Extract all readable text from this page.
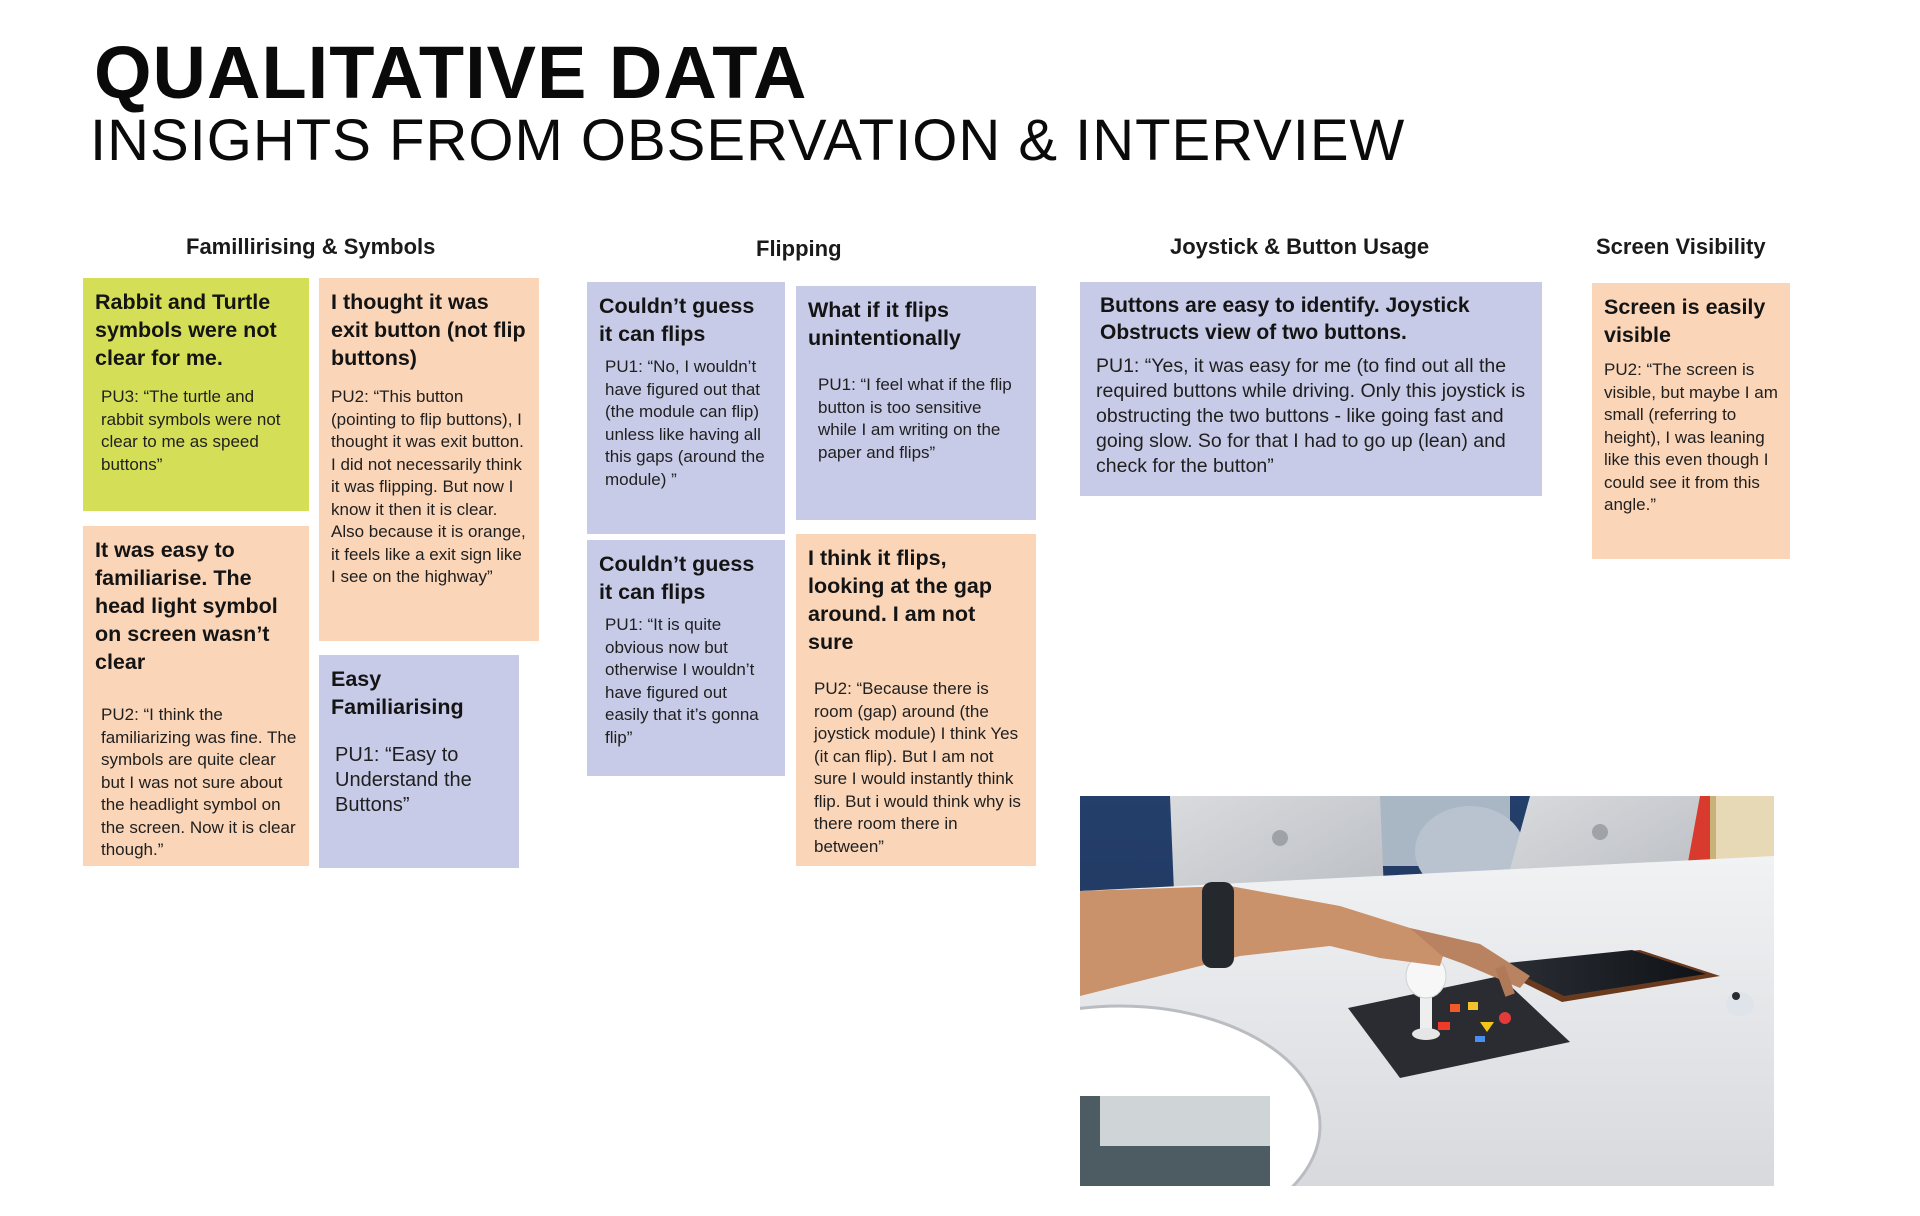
QUALITATIVE DATA
INSIGHTS FROM OBSERVATION & INTERVIEW
Famillirising & Symbols	Flipping	Joystick & Button Usage	Screen Visibility
Rabbit and Turtle symbols were not clear for me.

PU3: “The turtle and rabbit symbols were not clear to me as speed buttons”

I thought it was exit button (not flip buttons)

PU2: “This button (pointing to flip buttons), I thought it was exit button. I did not necessarily think it was flipping. But now I know it then it is clear. Also because it is orange, it feels like a exit sign like I see on the highway”

It was easy to familiarise. The head light symbol on screen wasn’t clear

PU2: “I think the familiarizing was fine. The symbols are quite clear but I was not sure about the headlight symbol on the screen. Now it is clear though.”

Easy Familiarising

PU1: “Easy to Understand the Buttons”

Couldn’t guess it can flips

PU1: “No, I wouldn’t have figured out that (the module can flip) unless like having all this gaps (around the module) ”

What if it flips unintentionally

PU1: “I feel what if the flip button is too sensitive while I am writing on the paper and flips”

Couldn’t guess it can flips

PU1: “It is quite obvious now but otherwise I wouldn’t have figured out easily that it’s gonna flip”

I think it flips, looking at the gap around. I am not sure

PU2: “Because there is room (gap) around (the joystick module) I think Yes (it can flip). But I am not sure I would instantly think flip. But i would think why is there room there in between”

Buttons are easy to identify. Joystick Obstructs view of two buttons.

PU1: “Yes, it was easy for me (to find out all the required buttons while driving. Only this joystick is obstructing the two buttons - like going fast and going slow. So for that I had to go up (lean) and check for the button”

Screen is easily visible

PU2: “The screen is visible, but maybe I am small (referring to height), I was leaning like this even though I could see it from this angle.”
